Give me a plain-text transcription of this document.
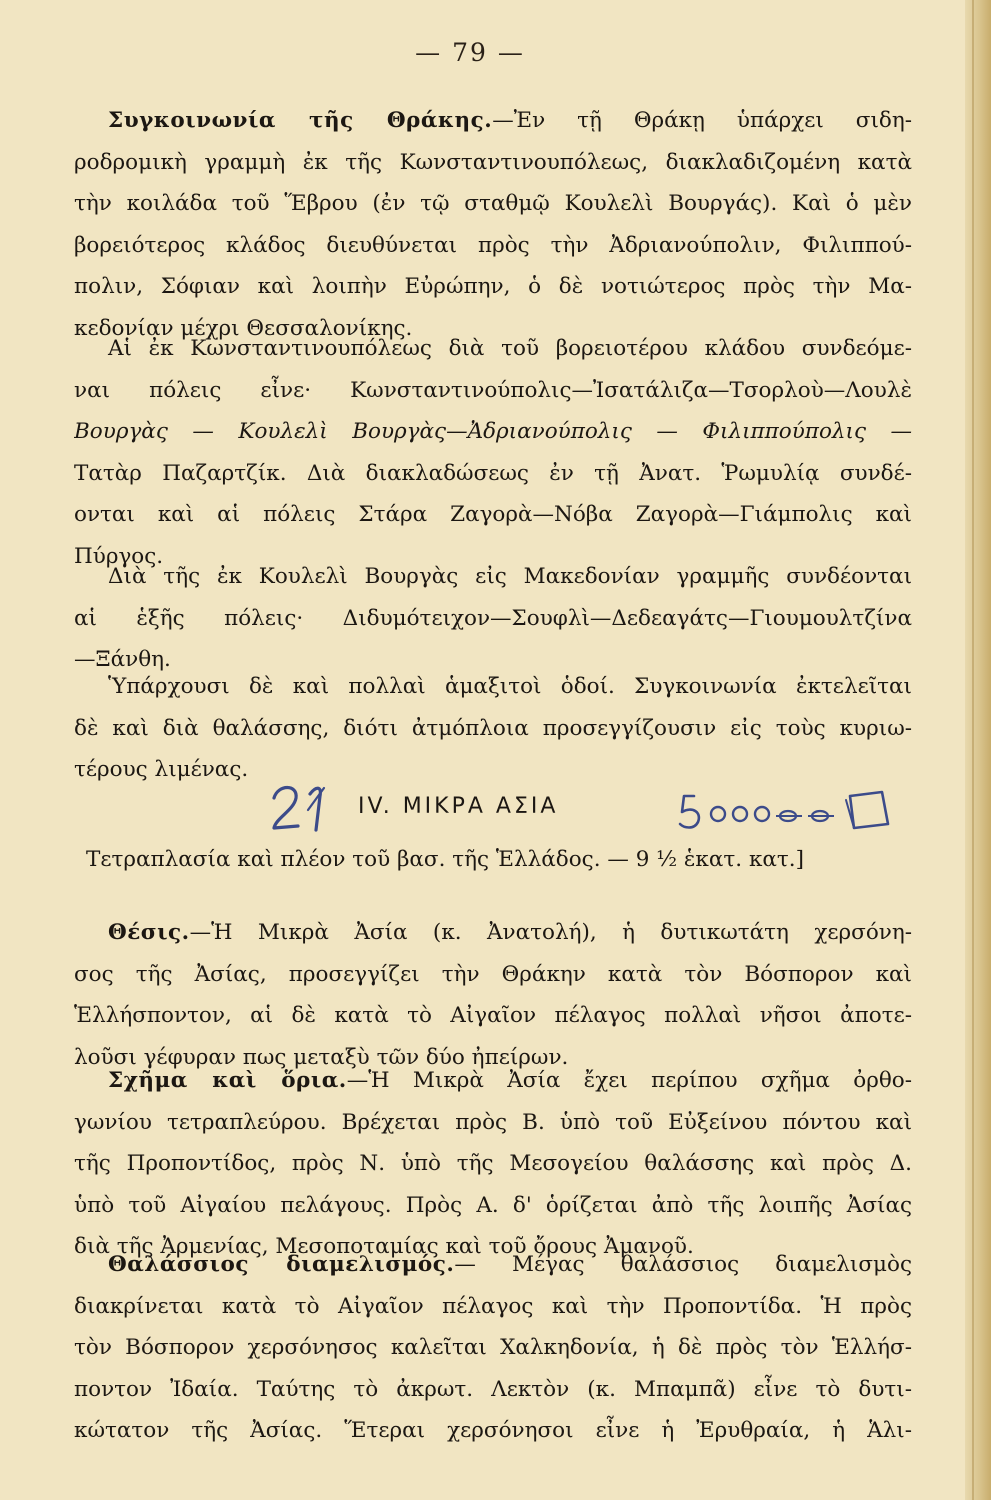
— 79 —
Συγκοινωνία τῆς Θράκης.—Ἐν τῇ Θράκῃ ὑπάρχει σιδη-
ροδρομικὴ γραμμὴ ἐκ τῆς Κωνσταντινουπόλεως, διακλαδιζομένη κατὰ
τὴν κοιλάδα τοῦ Ἕβρου (ἐν τῷ σταθμῷ Κουλελὶ Βουργάς). Καὶ ὁ μὲν
βορειότερος κλάδος διευθύνεται πρὸς τὴν Ἀδριανούπολιν, Φιλιππού-
πολιν, Σόφιαν καὶ λοιπὴν Εὐρώπην, ὁ δὲ νοτιώτερος πρὸς τὴν Μα-
κεδονίαν μέχρι Θεσσαλονίκης.
Αἱ ἐκ Κωνσταντινουπόλεως διὰ τοῦ βορειοτέρου κλάδου συνδεόμε-
ναι πόλεις εἶνε· Κωνσταντινούπολις—Ἰσατάλιζα—Τσορλοὺ—Λουλὲ
Βουργὰς — Κουλελὶ Βουργὰς—Ἀδριανούπολις — Φιλιππούπολις —
Τατὰρ Παζαρτζίκ. Διὰ διακλαδώσεως ἐν τῇ Ἀνατ. Ῥωμυλίᾳ συνδέ-
ονται καὶ αἱ πόλεις Στάρα Ζαγορὰ—Νόβα Ζαγορὰ—Γιάμπολις καὶ
Πύργος.
Διὰ τῆς ἐκ Κουλελὶ Βουργὰς εἰς Μακεδονίαν γραμμῆς συνδέονται
αἱ ἑξῆς πόλεις· Διδυμότειχον—Σουφλὶ—Δεδεαγάτς—Γιουμουλτζίνα
—Ξάνθη.
Ὑπάρχουσι δὲ καὶ πολλαὶ ἁμαξιτοὶ ὁδοί. Συγκοινωνία ἐκτελεῖται
δὲ καὶ διὰ θαλάσσης, διότι ἀτμόπλοια προσεγγίζουσιν εἰς τοὺς κυριω-
τέρους λιμένας.
IV. ΜΙΚΡΑ ΑΣΙΑ
Τετραπλασία καὶ πλέον τοῦ βασ. τῆς Ἑλλάδος. — 9 ½ ἑκατ. κατ.]
Θέσις.—Ἡ Μικρὰ Ἀσία (κ. Ἀνατολή), ἡ δυτικωτάτη χερσόνη-
σος τῆς Ἀσίας, προσεγγίζει τὴν Θράκην κατὰ τὸν Βόσπορον καὶ
Ἑλλήσποντον, αἱ δὲ κατὰ τὸ Αἰγαῖον πέλαγος πολλαὶ νῆσοι ἀποτε-
λοῦσι γέφυραν πως μεταξὺ τῶν δύο ἠπείρων.
Σχῆμα καὶ ὅρια.—Ἡ Μικρὰ Ἀσία ἔχει περίπου σχῆμα ὀρθο-
γωνίου τετραπλεύρου. Βρέχεται πρὸς Β. ὑπὸ τοῦ Εὐξείνου πόντου καὶ
τῆς Προποντίδος, πρὸς Ν. ὑπὸ τῆς Μεσογείου θαλάσσης καὶ πρὸς Δ.
ὑπὸ τοῦ Αἰγαίου πελάγους. Πρὸς Α. δ' ὁρίζεται ἀπὸ τῆς λοιπῆς Ἀσίας
διὰ τῆς Ἀρμενίας, Μεσοποταμίας καὶ τοῦ ὄρους Ἀμανοῦ.
Θαλάσσιος διαμελισμός.— Μέγας θαλάσσιος διαμελισμὸς
διακρίνεται κατὰ τὸ Αἰγαῖον πέλαγος καὶ τὴν Προποντίδα. Ἡ πρὸς
τὸν Βόσπορον χερσόνησος καλεῖται Χαλκηδονία, ἡ δὲ πρὸς τὸν Ἑλλήσ-
ποντον Ἰδαία. Ταύτης τὸ ἀκρωτ. Λεκτὸν (κ. Μπαμπᾶ) εἶνε τὸ δυτι-
κώτατον τῆς Ἀσίας. Ἕτεραι χερσόνησοι εἶνε ἡ Ἐρυθραία, ἡ Ἁλι-
